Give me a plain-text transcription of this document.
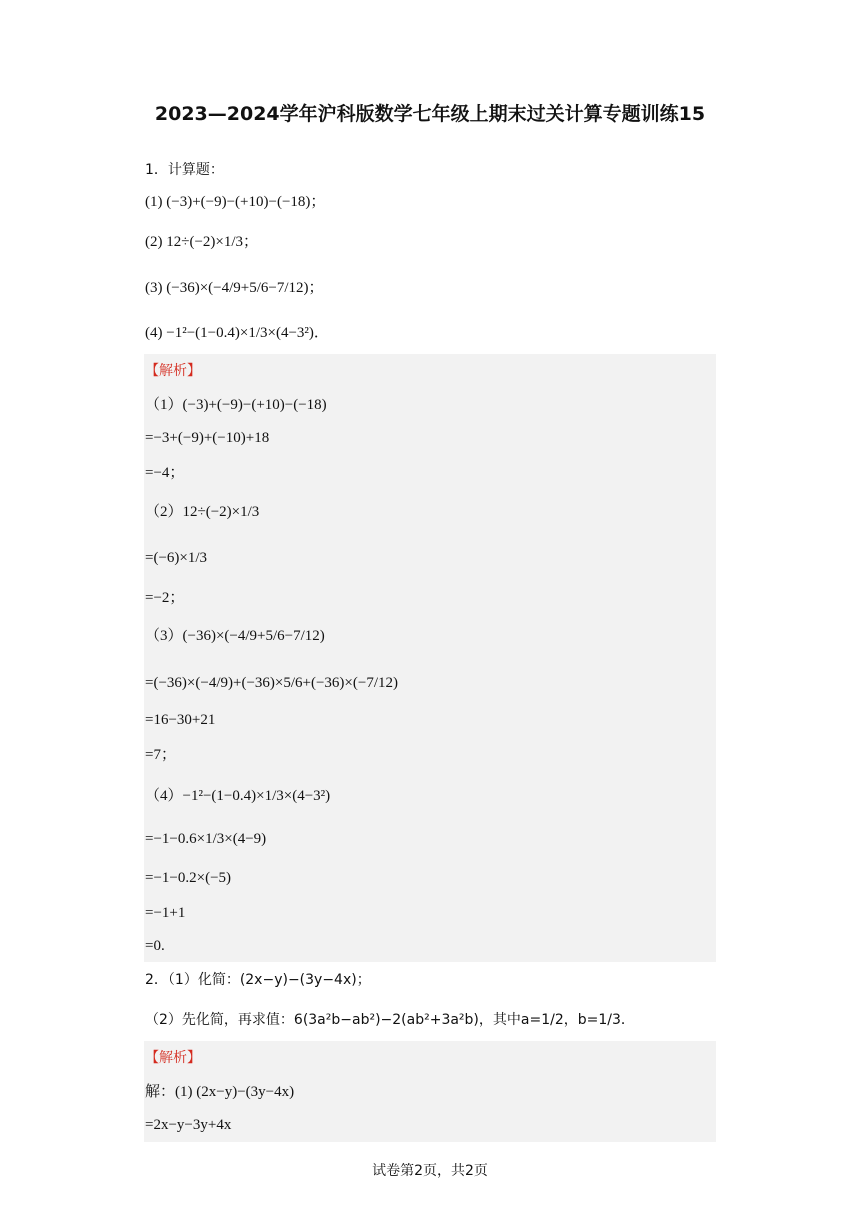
2023—2024学年沪科版数学七年级上期末过关计算专题训练15
1．计算题：
(1) (−3)+(−9)−(+10)−(−18)；
(2) 12÷(−2)×1/3；
(3) (−36)×(−4/9+5/6−7/12)；
(4) −1²−(1−0.4)×1/3×(4−3²)．
【解析】
（1）(−3)+(−9)−(+10)−(−18)
=−3+(−9)+(−10)+18
=−4；
（2）12÷(−2)×1/3
=(−6)×1/3
=−2；
（3）(−36)×(−4/9+5/6−7/12)
=(−36)×(−4/9)+(−36)×5/6+(−36)×(−7/12)
=16−30+21
=7；
（4）−1²−(1−0.4)×1/3×(4−3²)
=−1−0.6×1/3×(4−9)
=−1−0.2×(−5)
=−1+1
=0.
2．（1）化简：(2x−y)−(3y−4x)；
（2）先化简，再求值：6(3a²b−ab²)−2(ab²+3a²b)，其中a=1/2，b=1/3．
【解析】
解：(1) (2x−y)−(3y−4x)
=2x−y−3y+4x
试卷第2页，共2页
